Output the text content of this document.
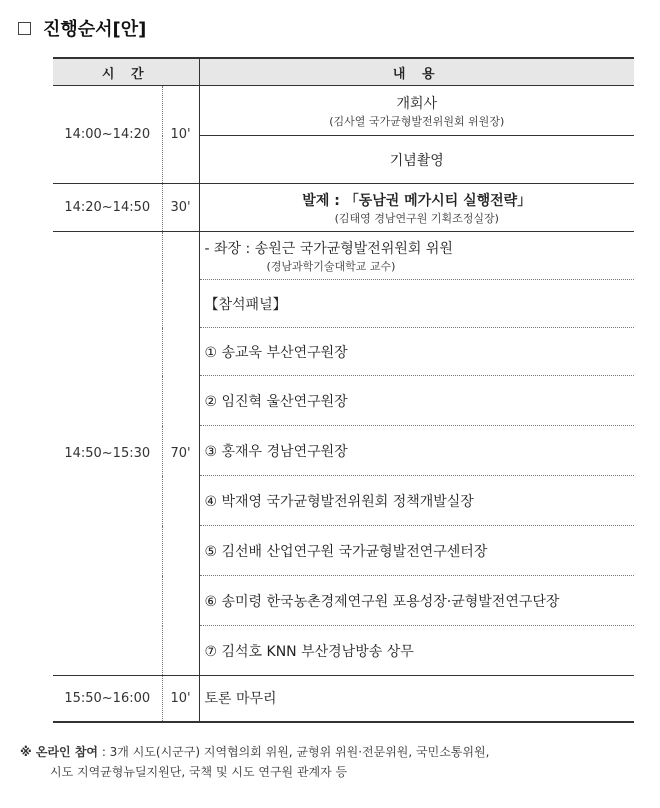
진행순서[안]
시 간		내 용
14:00~14:20	10'	개회사
(김사열 국가균형발전위원회 위원장)

		기념촬영
14:20~14:50	30'	발제 : 「동남권 메가시티 실행전략」
(김태영 경남연구원 기획조정실장)

14:50~15:30	70'	- 좌장 : 송원근 국가균형발전위원회 위원
(경남과학기술대학교 교수)

		【참석패널】
		① 송교욱 부산연구원장
		② 임진혁 울산연구원장
		③ 홍재우 경남연구원장
		④ 박재영 국가균형발전위원회 정책개발실장
		⑤ 김선배 산업연구원 국가균형발전연구센터장
		⑥ 송미령 한국농촌경제연구원 포용성장·균형발전연구단장
		⑦ 김석호 KNN 부산경남방송 상무
15:50~16:00	10'	토론 마무리
※ 온라인 참여 : 3개 시도(시군구) 지역협의회 위원, 균형위 위원·전문위원, 국민소통위원,
시도 지역균형뉴딜지원단, 국책 및 시도 연구원 관계자 등
